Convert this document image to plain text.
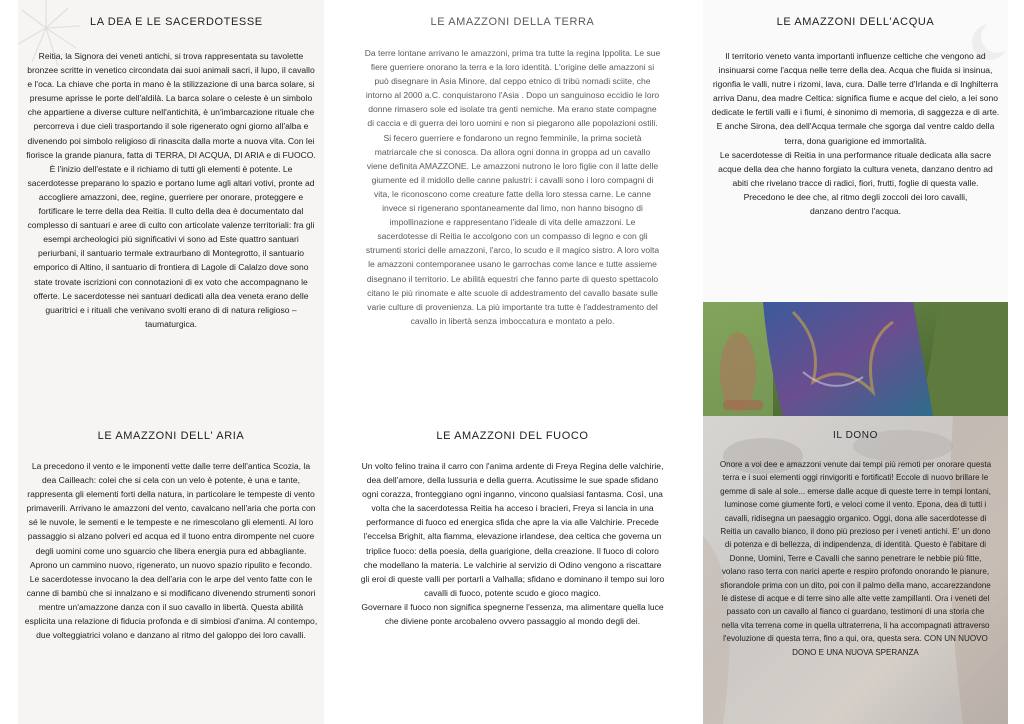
LA DEA E LE SACERDOTESSE

Reitia, la Signora dei veneti antichi, si trova rappresentata su tavolette bronzee scritte in venetico circondata dai suoi animali sacri, il lupo, il cavallo e l'oca. La chiave che porta in mano è la stilizzazione di una barca solare, si presume aprisse le porte dell'aldilà. La barca solare o celeste è un simbolo che appartiene a diverse culture nell'antichità, è un'imbarcazione rituale che percorreva i due cieli trasportando il sole rigenerato ogni giorno all'alba e divenendo poi simbolo religioso di rinascita dalla morte a nuova vita. Con lei fiorisce la grande pianura, fatta di TERRA, DI ACQUA, DI ARIA e di FUOCO. È l'inizio dell'estate e il richiamo di tutti gli elementi è potente. Le sacerdotesse preparano lo spazio e portano lume agli altari votivi, pronte ad accogliere amazzoni, dee, regine, guerriere per onorare, proteggere e fortificare le terre della dea Reitia. Il culto della dea è documentato dal complesso di santuari e aree di culto con articolate valenze territoriali: fra gli esempi archeologici più significativi vi sono ad Este quattro santuari periurbani, il santuario termale extraurbano di Montegrotto, il santuario emporico di Altino, il santuario di frontiera di Lagole di Calalzo dove sono state trovate iscrizioni con connotazioni di ex voto che accompagnano le offerte. Le sacerdotesse nei santuari dedicati alla dea veneta erano delle guaritrici e i rituali che venivano svolti erano di di natura religioso – taumaturgica.

LE AMAZZONI DELL' ARIA

La precedono il vento e le imponenti vette dalle terre dell'antica Scozia, la dea Cailleach: colei che si cela con un velo è potente, è una e tante, rappresenta gli elementi forti della natura, in particolare le tempeste di vento primaverili. Arrivano le amazzoni del vento, cavalcano nell'aria che porta con sé le nuvole, le sementi e le tempeste e ne rimescolano gli elementi. Al loro passaggio si alzano polveri ed acqua ed il tuono entra dirompente nel cuore degli uomini come uno sguarcio che libera energia pura ed abbagliante. Aprono un cammino nuovo, rigenerato, un nuovo spazio ripulito e fecondo.

Le sacerdotesse invocano la dea dell'aria con le arpe del vento fatte con le canne di bambù che si innalzano e si modificano divenendo strumenti sonori mentre un'amazzone danza con il suo cavallo in libertà. Questa abilità esplicita una relazione di fiducia profonda e di simbiosi d'anima. Al contempo, due volteggiatrici volano e danzano al ritmo del galoppo dei loro cavalli.

LE AMAZZONI DELLA TERRA

Da terre lontane arrivano le amazzoni, prima tra tutte la regina Ippolita. Le sue fiere guerriere onorano la terra e la loro identità. L'origine delle amazzoni si può disegnare in Asia Minore, dal ceppo etnico di tribù nomadi sciite, che intorno al 2000 a.C. conquistarono l'Asia . Dopo un sanguinoso eccidio le loro donne rimasero sole ed isolate tra genti nemiche. Ma erano state compagne di caccia e di guerra dei loro uomini e non si piegarono alle popolazioni ostili. Si fecero guerriere e fondarono un regno femminile, la prima società matriarcale che si conosca. Da allora ogni donna in groppa ad un cavallo viene definita AMAZZONE. Le amazzoni nutrono le loro figlie con il latte delle giumente ed il midollo delle canne palustri: i cavalli sono i loro compagni di vita, le riconoscono come creature fatte della loro stessa carne. Le canne invece si rigenerano spontaneamente dal limo, non hanno bisogno di impollinazione e rappresentano l'ideale di vita delle amazzoni. Le sacerdotesse di Reitia le accolgono con un compasso di legno e con gli strumenti storici delle amazzoni, l'arco, lo scudo e il magico sistro. A loro volta le amazzoni contemporanee usano le garrochas come lance e tutte assieme disegnano il territorio. Le abilità equestri che fanno parte di questo spettacolo citano le più rinomate e alte scuole di addestramento del cavallo basate sulle varie culture di provenienza. La più importante tra tutte è l'addestramento del cavallo in libertà senza imboccatura e montato a pelo.

LE AMAZZONI DEL FUOCO

Un volto felino traina il carro con l'anima ardente di Freya Regina delle valchirie, dea dell'amore, della lussuria e della guerra. Acutissime le sue spade sfidano ogni corazza, fronteggiano ogni inganno, vincono qualsiasi fantasma. Così, una volta che la sacerdotessa Reitia ha acceso i bracieri, Freya si lancia in una performance di fuoco ed energica sfida che apre la via alle Valchirie. Precede l'eccelsa Brighit, alta fiamma, elevazione irlandese, dea celtica che governa un triplice fuoco: della poesia, della guarigione, della creazione. Il fuoco di coloro che modellano la materia. Le valchirie al servizio di Odino vengono a riscattare gli eroi di queste valli per portarli a Valhalla; sfidano e dominano il tempo sui loro cavalli di fuoco, potente scudo e gioco magico.

Governare il fuoco non significa spegnerne l'essenza, ma alimentare quella luce che diviene ponte arcobaleno ovvero passaggio al mondo degli dei.

LE AMAZZONI DELL'ACQUA

Il territorio veneto vanta importanti influenze celtiche che vengono ad insinuarsi come l'acqua nelle terre della dea. Acqua che fluida si insinua, rigonfia le valli, nutre i rizomi, lava, cura. Dalle terre d'Irlanda e di Inghilterra arriva Danu, dea madre Celtica: significa fiume e acque del cielo, a lei sono dedicate le fertili valli e i fiumi, è sinonimo di memoria, di saggezza e di arte. E anche Sirona, dea dell'Acqua termale che sgorga dal ventre caldo della terra, dona guarigione ed immortalità.

Le sacerdotesse di Reitia in una performance rituale dedicata alla sacre acque della dea che hanno forgiato la cultura veneta, danzano dentro ad abiti che rivelano tracce di radici, fiori, frutti, foglie di questa valle. Precedono le dee che, al ritmo degli zoccoli dei loro cavalli,

danzano dentro l'acqua.

IL DONO

Onore a voi dee e amazzoni venute dai tempi più remoti per onorare questa terra e i suoi elementi oggi rinvigoriti e fortificati! Eccole di nuovo brillare le gemme di sale al sole... emerse dalle acque di queste terre in tempi lontani, luminose come giumente forti, e veloci come il vento. Epona, dea di tutti i cavalli, ridisegna un paesaggio organico. Oggi, dona alle sacerdotesse di Reitia un cavallo bianco, il dono più prezioso per i veneti antichi. E' un dono di potenza e di bellezza, di indipendenza, di identità. Questo è l'abitare di Donne, Uomini, Terre e Cavalli che sanno penetrare le nebbie più fitte, volano raso terra con narici aperte e respiro profondo onorando le pianure, sfiorandole prima con un dito, poi con il palmo della mano, accarezzandone le distese di acque e di terre sino alle alte vette zampillanti. Ora i veneti del passato con un cavallo al fianco ci guardano, testimoni di una storia che nella vita terrena come in quella ultraterrena, li ha accompagnati attraverso l'evoluzione di questa terra, fino a qui, ora, questa sera. CON UN NUOVO DONO E UNA NUOVA SPERANZA
